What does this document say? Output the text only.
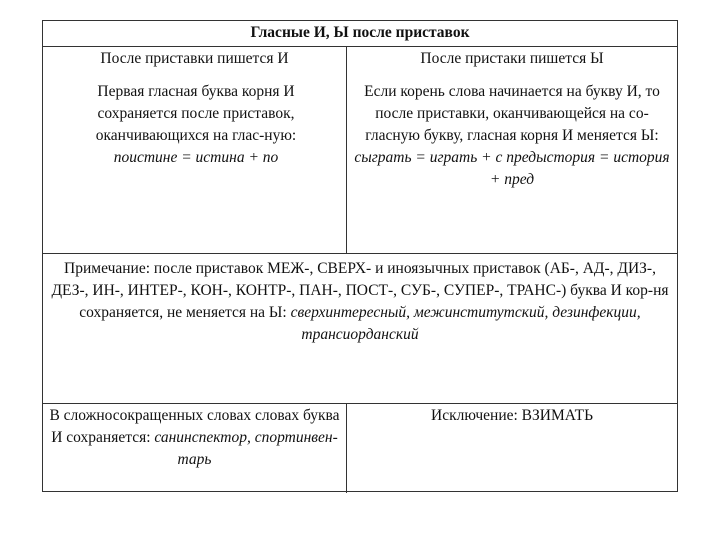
Гласные И, Ы после приставок
После приставки пишется И	После пристаки пишется Ы
Первая гласная буква корня И сохраняется после приставок, оканчивающихся на глас-ную: поистине = истина + по
Если корень слова начинается на букву И, то после приставки, оканчивающейся на со-гласную букву, гласная корня И меняется Ы: сыграть = играть + с предыстория = история + пред
Примечание: после приставок МЕЖ-, СВЕРХ- и иноязычных приставок (АБ-, АД-, ДИЗ-, ДЕЗ-, ИН-, ИНТЕР-, КОН-, КОНТР-, ПАН-, ПОСТ-, СУБ-, СУПЕР-, ТРАНС-) буква И кор-ня сохраняется, не меняется на Ы: сверхинтересный, межинститутский, дезинфекции, трансиорданский
В сложносокращенных словах словах буква И сохраняется: санинспектор, спортинвен-тарь
Исключение: ВЗИМАТЬ
